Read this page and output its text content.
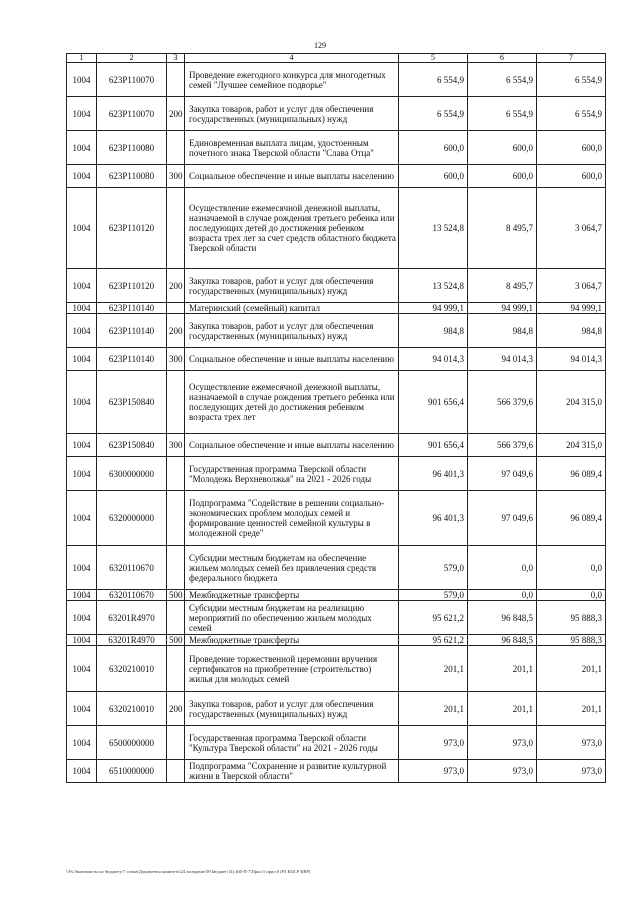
129
1	2	3	4	5	6	7
1004	623P110070		Проведение ежегодного конкурса для многодетных семей "Лучшее семейное подворье"	6 554,9	6 554,9	6 554,9
1004	623P110070	200	Закупка товаров, работ и услуг для обеспечения государственных (муниципальных) нужд	6 554,9	6 554,9	6 554,9
1004	623P110080		Единовременная выплата лицам, удостоенным почетного знака Тверской области "Слава Отца"	600,0	600,0	600,0
1004	623P110080	300	Социальное обеспечение и иные выплаты населению	600,0	600,0	600,0
1004	623P110120		Осуществление ежемесячной денежной выплаты, назначаемой в случае рождения третьего ребенка или последующих детей до достижения ребенком возраста трех лет за счет средств областного бюджета Тверской области	13 524,8	8 495,7	3 064,7
1004	623P110120	200	Закупка товаров, работ и услуг для обеспечения государственных (муниципальных) нужд	13 524,8	8 495,7	3 064,7
1004	623P110140		Материнский (семейный) капитал	94 999,1	94 999,1	94 999,1
1004	623P110140	200	Закупка товаров, работ и услуг для обеспечения государственных (муниципальных) нужд	984,8	984,8	984,8
1004	623P110140	300	Социальное обеспечение и иные выплаты населению	94 014,3	94 014,3	94 014,3
1004	623P150840		Осуществление ежемесячной денежной выплаты, назначаемой в случае рождения третьего ребенка или последующих детей до достижения ребенком возраста трех лет	901 656,4	566 379,6	204 315,0
1004	623P150840	300	Социальное обеспечение и иные выплаты населению	901 656,4	566 379,6	204 315,0
1004	6300000000		Государственная программа Тверской области "Молодежь Верхневолжья" на 2021 - 2026 годы	96 401,3	97 049,6	96 089,4
1004	6320000000		Подпрограмма "Содействие в решении социально-экономических проблем молодых семей и формирование ценностей семейной культуры в молодежной среде"	96 401,3	97 049,6	96 089,4
1004	6320110670		Субсидии местным бюджетам на обеспечение жильем молодых семей без привлечения средств федерального бюджета	579,0	0,0	0,0
1004	6320110670	500	Межбюджетные трансферты	579,0	0,0	0,0
1004	63201R4970		Субсидии местным бюджетам на реализацию мероприятий по обеспечению жильем молодых семей	95 621,2	96 848,5	95 888,3
1004	63201R4970	500	Межбюджетные трансферты	95 621,2	96 848,5	95 888,3
1004	6320210010		Проведение торжественной церемонии вручения сертификатов на приобретение (строительство) жилья для молодых семей	201,1	201,1	201,1
1004	6320210010	200	Закупка товаров, работ и услуг для обеспечения государственных (муниципальных) нужд	201,1	201,1	201,1
1004	6500000000		Государственная программа Тверской области "Культура Тверской области" на 2021 - 2026 годы	973,0	973,0	973,0
1004	6510000000		Подпрограмма "Сохранение и развитие культурной жизни в Тверской области"	973,0	973,0	973,0
\\Fs\Экономисты по бюджету\7 созыв\Документы комитета\24 заседание 09 Бюджет\14) 460-П-7\Прил 5 прил 6 (РЗ КЦСР КВР)
